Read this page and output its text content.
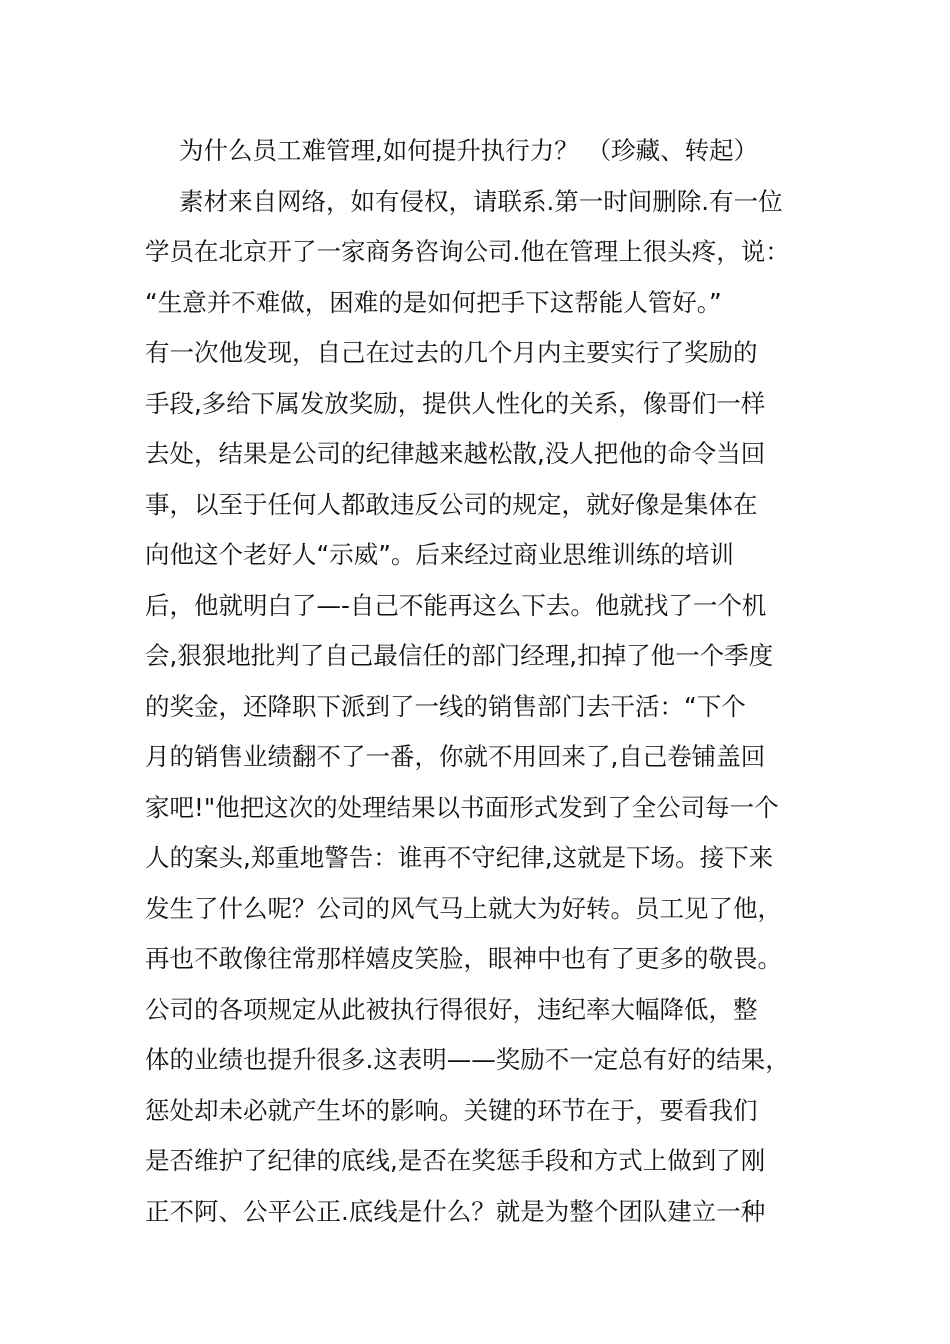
为什么员工难管理,如何提升执行力？ （珍藏、转起）
素材来自网络，如有侵权，请联系.第一时间删除.有一位
学员在北京开了一家商务咨询公司.他在管理上很头疼，说：
“生意并不难做，困难的是如何把手下这帮能人管好。”
有一次他发现，自己在过去的几个月内主要实行了奖励的
手段,多给下属发放奖励，提供人性化的关系，像哥们一样
去处，结果是公司的纪律越来越松散,没人把他的命令当回
事，以至于任何人都敢违反公司的规定，就好像是集体在
向他这个老好人“示威”。后来经过商业思维训练的培训
后，他就明白了—-自己不能再这么下去。他就找了一个机
会,狠狠地批判了自己最信任的部门经理,扣掉了他一个季度
的奖金，还降职下派到了一线的销售部门去干活：“下个
月的销售业绩翻不了一番，你就不用回来了,自己卷铺盖回
家吧!"他把这次的处理结果以书面形式发到了全公司每一个
人的案头,郑重地警告：谁再不守纪律,这就是下场。接下来
发生了什么呢？公司的风气马上就大为好转。员工见了他，
再也不敢像往常那样嬉皮笑脸，眼神中也有了更多的敬畏。
公司的各项规定从此被执行得很好，违纪率大幅降低，整
体的业绩也提升很多.这表明——奖励不一定总有好的结果，
惩处却未必就产生坏的影响。关键的环节在于，要看我们
是否维护了纪律的底线,是否在奖惩手段和方式上做到了刚
正不阿、公平公正.底线是什么？就是为整个团队建立一种
